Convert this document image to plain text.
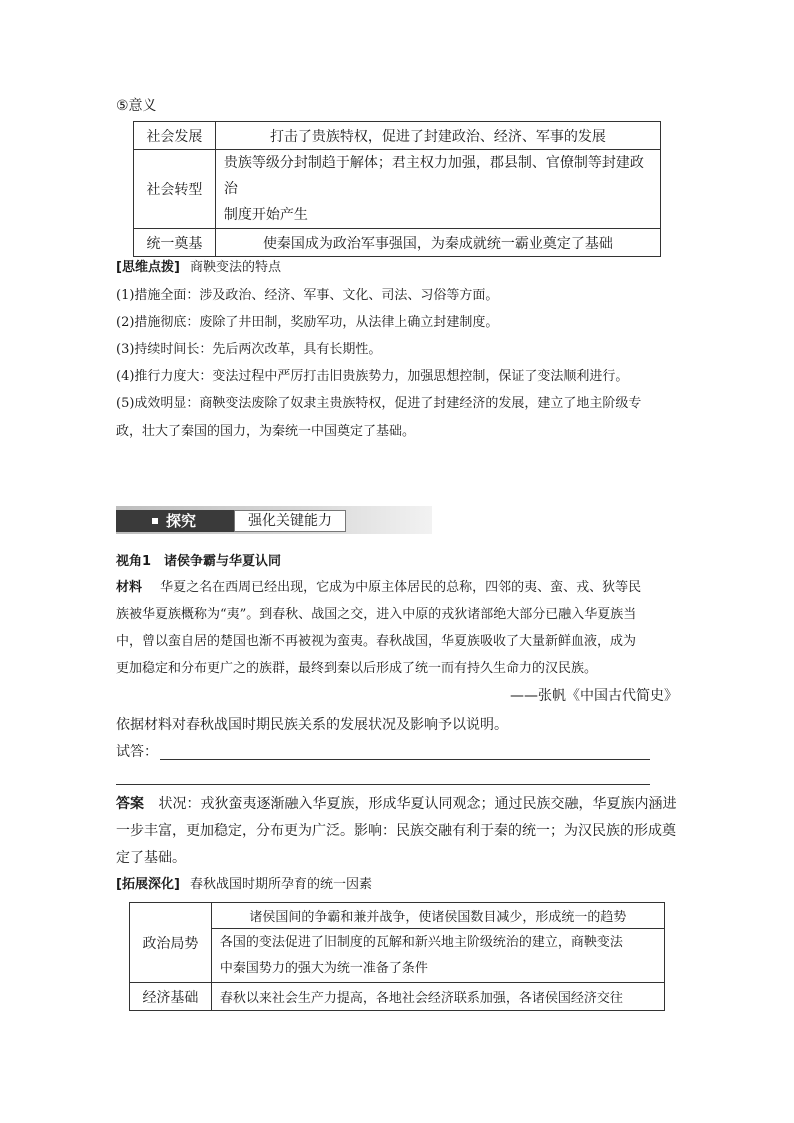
⑤意义
社会发展	打击了贵族特权，促进了封建政治、经济、军事的发展
社会转型	贵族等级分封制趋于解体；君主权力加强，郡县制、官僚制等封建政治
制度开始产生

统一奠基	使秦国成为政治军事强国，为秦成就统一霸业奠定了基础
[思维点拨] 商鞅变法的特点
(1)措施全面：涉及政治、经济、军事、文化、司法、习俗等方面。
(2)措施彻底：废除了井田制，奖励军功，从法律上确立封建制度。
(3)持续时间长：先后两次改革，具有长期性。
(4)推行力度大：变法过程中严厉打击旧贵族势力，加强思想控制，保证了变法顺利进行。
(5)成效明显：商鞅变法废除了奴隶主贵族特权，促进了封建经济的发展，建立了地主阶级专
政，壮大了秦国的国力，为秦统一中国奠定了基础。
探究	强化关键能力
视角1　诸侯争霸与华夏认同
材料 华夏之名在西周已经出现，它成为中原主体居民的总称，四邻的夷、蛮、戎、狄等民
族被华夏族概称为“夷”。到春秋、战国之交，进入中原的戎狄诸部绝大部分已融入华夏族当
中，曾以蛮自居的楚国也渐不再被视为蛮夷。春秋战国，华夏族吸收了大量新鲜血液，成为
更加稳定和分布更广之的族群，最终到秦以后形成了统一而有持久生命力的汉民族。
——张帆《中国古代简史》
依据材料对春秋战国时期民族关系的发展状况及影响予以说明。
试答：
答案 状况：戎狄蛮夷逐渐融入华夏族，形成华夏认同观念；通过民族交融，华夏族内涵进
一步丰富，更加稳定，分布更为广泛。影响：民族交融有利于秦的统一；为汉民族的形成奠
定了基础。
[拓展深化] 春秋战国时期所孕育的统一因素
政治局势	诸侯国间的争霸和兼并战争，使诸侯国数目减少，形成统一的趋势

	各国的变法促进了旧制度的瓦解和新兴地主阶级统治的建立，商鞅变法
中秦国势力的强大为统一准备了条件

经济基础	春秋以来社会生产力提高，各地社会经济联系加强，各诸侯国经济交往
